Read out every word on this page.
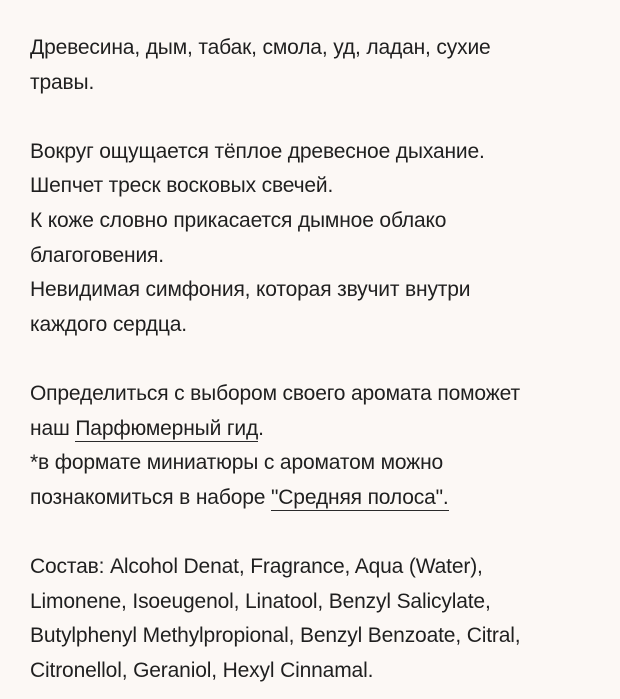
Древесина, дым, табак, смола, уд, ладан, сухие

травы.

Вокруг ощущается тёплое древесное дыхание.

Шепчет треск восковых свечей.

К коже словно прикасается дымное облако

благоговения.

Невидимая симфония, которая звучит внутри

каждого сердца.

Определиться с выбором своего аромата поможет

наш Парфюмерный гид.

*в формате миниатюры с ароматом можно

познакомиться в наборе "Средняя полоса".

Состав: Alcohol Denat, Fragrance, Aqua (Water),

Limonene, Isoeugenol, Linatool, Benzyl Salicylate,

Butylphenyl Methylpropional, Benzyl Benzoate, Citral,

Citronellol, Geraniol, Hexyl Cinnamal.
